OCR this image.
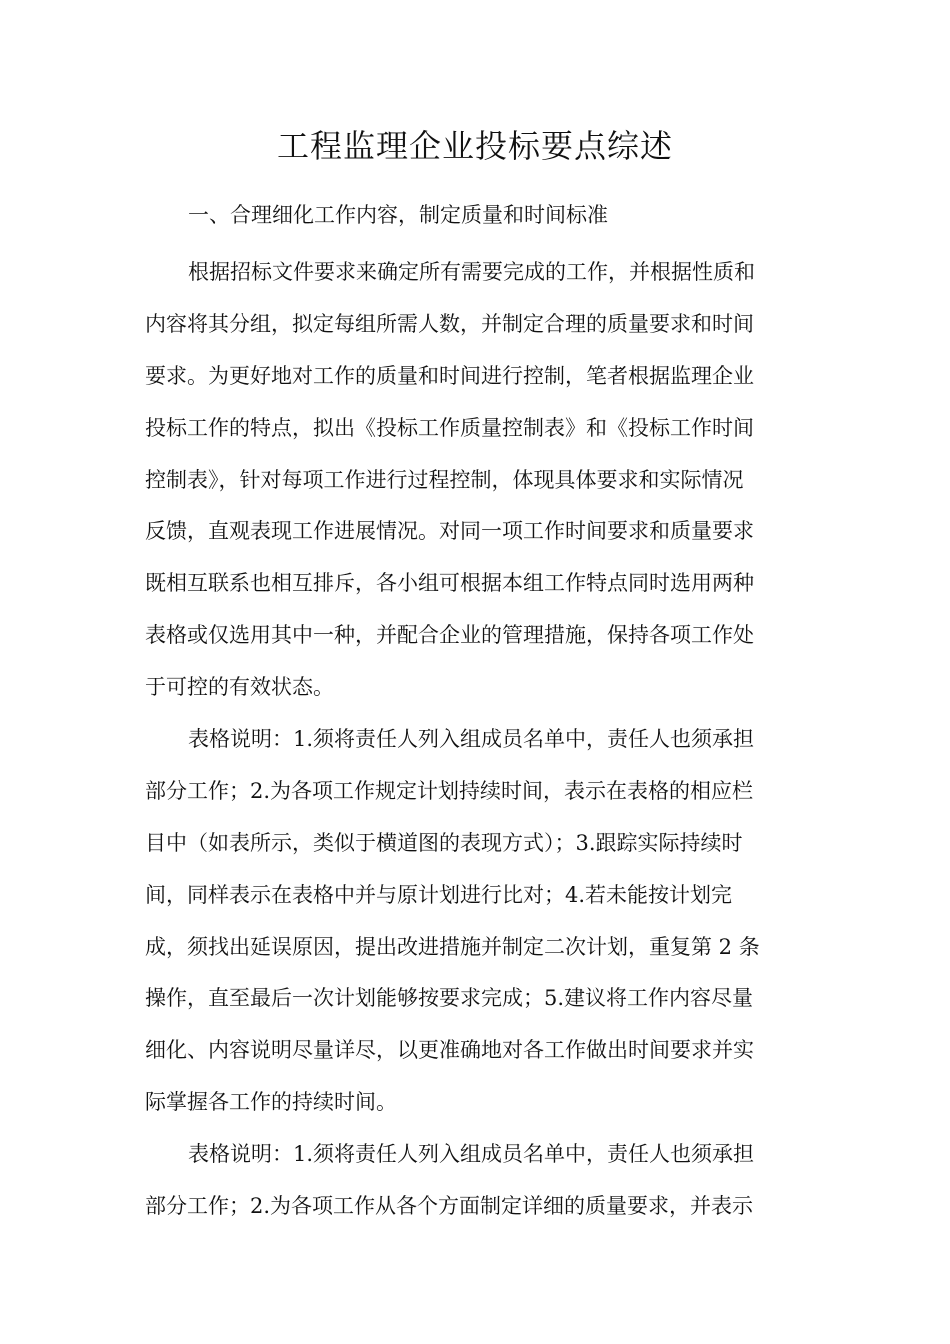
工程监理企业投标要点综述
一、合理细化工作内容，制定质量和时间标准
根据招标文件要求来确定所有需要完成的工作，并根据性质和
内容将其分组，拟定每组所需人数，并制定合理的质量要求和时间
要求。为更好地对工作的质量和时间进行控制，笔者根据监理企业
投标工作的特点，拟出《投标工作质量控制表》和《投标工作时间
控制表》，针对每项工作进行过程控制，体现具体要求和实际情况
反馈，直观表现工作进展情况。对同一项工作时间要求和质量要求
既相互联系也相互排斥，各小组可根据本组工作特点同时选用两种
表格或仅选用其中一种，并配合企业的管理措施，保持各项工作处
于可控的有效状态。
表格说明：1.须将责任人列入组成员名单中，责任人也须承担
部分工作；2.为各项工作规定计划持续时间，表示在表格的相应栏
目中（如表所示，类似于横道图的表现方式）；3.跟踪实际持续时
间，同样表示在表格中并与原计划进行比对；4.若未能按计划完
成，须找出延误原因，提出改进措施并制定二次计划，重复第 2 条
操作，直至最后一次计划能够按要求完成；5.建议将工作内容尽量
细化、内容说明尽量详尽，以更准确地对各工作做出时间要求并实
际掌握各工作的持续时间。
表格说明：1.须将责任人列入组成员名单中，责任人也须承担
部分工作；2.为各项工作从各个方面制定详细的质量要求，并表示
